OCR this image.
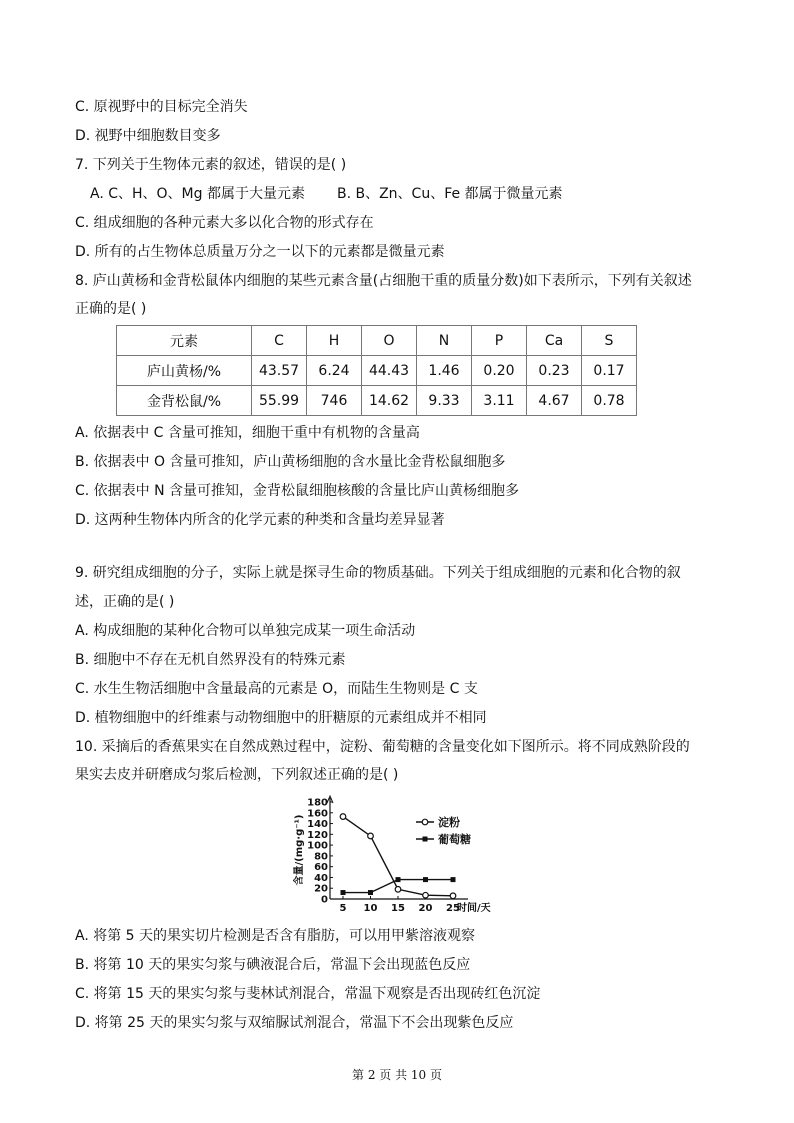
C. 原视野中的目标完全消失
D. 视野中细胞数目变多
7. 下列关于生物体元素的叙述，错误的是( )
A. C、H、O、Mg 都属于大量元素 B. B、Zn、Cu、Fe 都属于微量元素
C. 组成细胞的各种元素大多以化合物的形式存在
D. 所有的占生物体总质量万分之一以下的元素都是微量元素
8. 庐山黄杨和金背松鼠体内细胞的某些元素含量(占细胞干重的质量分数)如下表所示，下列有关叙述
正确的是( )
元素	C	H	O	N	P	Ca	S
庐山黄杨/%	43.57	6.24	44.43	1.46	0.20	0.23	0.17
金背松鼠/%	55.99	746	14.62	9.33	3.11	4.67	0.78
A. 依据表中 C 含量可推知，细胞干重中有机物的含量高
B. 依据表中 O 含量可推知，庐山黄杨细胞的含水量比金背松鼠细胞多
C. 依据表中 N 含量可推知，金背松鼠细胞核酸的含量比庐山黄杨细胞多
D. 这两种生物体内所含的化学元素的种类和含量均差异显著
9. 研究组成细胞的分子，实际上就是探寻生命的物质基础。下列关于组成细胞的元素和化合物的叙
述，正确的是( )
A. 构成细胞的某种化合物可以单独完成某一项生命活动
B. 细胞中不存在无机自然界没有的特殊元素
C. 水生生物活细胞中含量最高的元素是 O，而陆生生物则是 C 支
D. 植物细胞中的纤维素与动物细胞中的肝糖原的元素组成并不相同
10. 采摘后的香蕉果实在自然成熟过程中，淀粉、葡萄糖的含量变化如下图所示。将不同成熟阶段的
果实去皮并研磨成匀浆后检测，下列叙述正确的是( )
0
20
40
60
80
100
120
140
160
180
5 10 15 20 25
时间/天
含量/(mg·g⁻¹)	淀粉
葡萄糖
A. 将第 5 天的果实切片检测是否含有脂肪，可以用甲紫溶液观察
B. 将第 10 天的果实匀浆与碘液混合后，常温下会出现蓝色反应
C. 将第 15 天的果实匀浆与斐林试剂混合，常温下观察是否出现砖红色沉淀
D. 将第 25 天的果实匀浆与双缩脲试剂混合，常温下不会出现紫色反应
第 2 页 共 10 页
